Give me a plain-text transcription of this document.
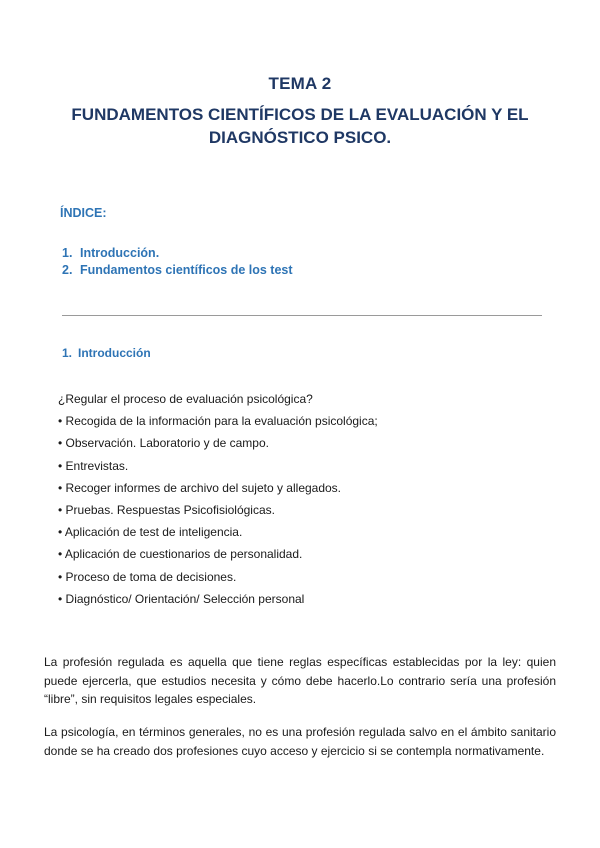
TEMA 2
FUNDAMENTOS CIENTÍFICOS DE LA EVALUACIÓN Y EL DIAGNÓSTICO PSICO.
ÍNDICE:
1. Introducción.
2. Fundamentos científicos de los test
1. Introducción
¿Regular el proceso de evaluación psicológica?
• Recogida de la información para la evaluación psicológica;
• Observación. Laboratorio y de campo.
• Entrevistas.
• Recoger informes de archivo del sujeto y allegados.
• Pruebas. Respuestas Psicofisiológicas.
• Aplicación de test de inteligencia.
• Aplicación de cuestionarios de personalidad.
• Proceso de toma de decisiones.
• Diagnóstico/ Orientación/ Selección personal

La profesión regulada es aquella que tiene reglas específicas establecidas por la ley: quien puede ejercerla, que estudios necesita y cómo debe hacerlo.Lo contrario sería una profesión “libre”, sin requisitos legales especiales.

La psicología, en términos generales, no es una profesión regulada salvo en el ámbito sanitario donde se ha creado dos profesiones cuyo acceso y ejercicio si se contempla normativamente.
